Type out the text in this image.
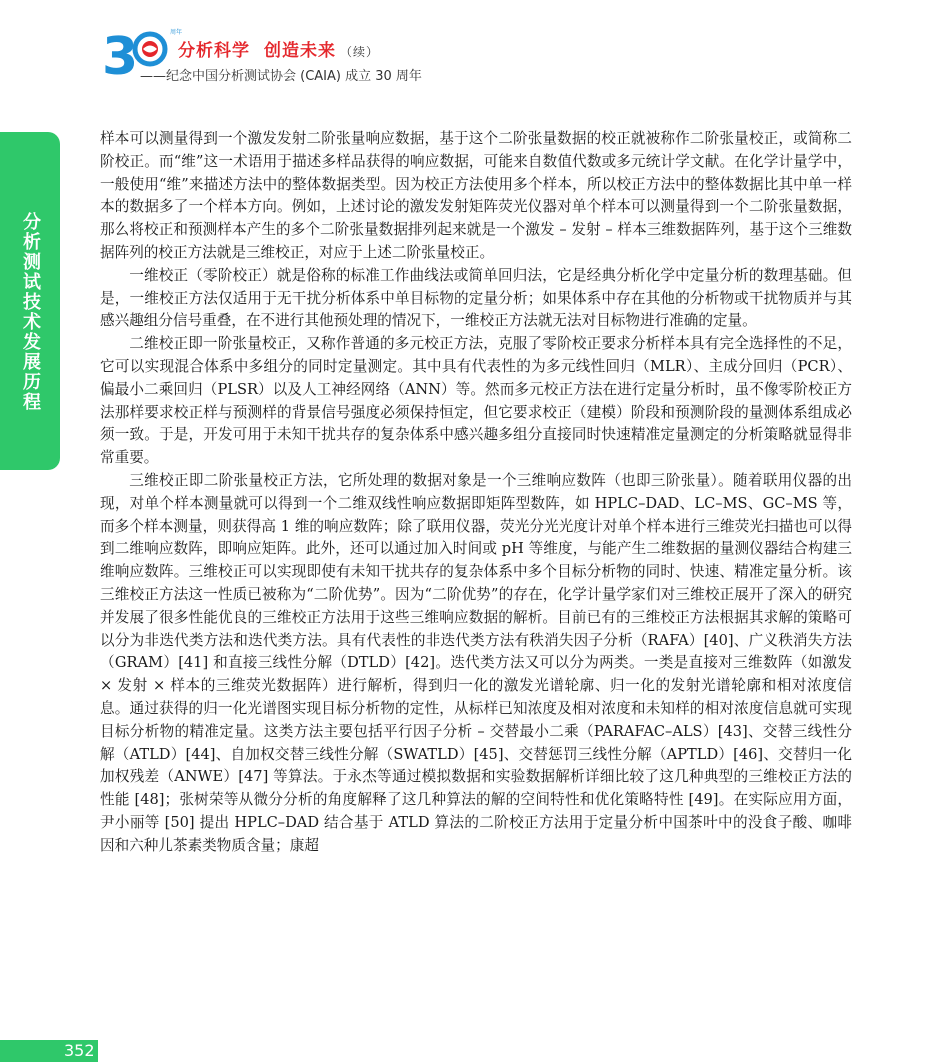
3	周年
分析科学 创造未来 （续）
——纪念中国分析测试协会 (CAIA) 成立 30 周年
分析测试技术发展历程

样本可以测量得到一个激发发射二阶张量响应数据，基于这个二阶张量数据的校正就被称作二阶张量校正，或简称二阶校正。而“维”这一术语用于描述多样品获得的响应数据，可能来自数值代数或多元统计学文献。在化学计量学中，一般使用“维”来描述方法中的整体数据类型。因为校正方法使用多个样本，所以校正方法中的整体数据比其中单一样本的数据多了一个样本方向。例如，上述讨论的激发发射矩阵荧光仪器对单个样本可以测量得到一个二阶张量数据，那么将校正和预测样本产生的多个二阶张量数据排列起来就是一个激发 – 发射 – 样本三维数据阵列，基于这个三维数据阵列的校正方法就是三维校正，对应于上述二阶张量校正。

一维校正（零阶校正）就是俗称的标准工作曲线法或简单回归法，它是经典分析化学中定量分析的数理基础。但是，一维校正方法仅适用于无干扰分析体系中单目标物的定量分析；如果体系中存在其他的分析物或干扰物质并与其感兴趣组分信号重叠，在不进行其他预处理的情况下，一维校正方法就无法对目标物进行准确的定量。

二维校正即一阶张量校正，又称作普通的多元校正方法，克服了零阶校正要求分析样本具有完全选择性的不足，它可以实现混合体系中多组分的同时定量测定。其中具有代表性的为多元线性回归（MLR）、主成分回归（PCR）、偏最小二乘回归（PLSR）以及人工神经网络（ANN）等。然而多元校正方法在进行定量分析时，虽不像零阶校正方法那样要求校正样与预测样的背景信号强度必须保持恒定，但它要求校正（建模）阶段和预测阶段的量测体系组成必须一致。于是，开发可用于未知干扰共存的复杂体系中感兴趣多组分直接同时快速精准定量测定的分析策略就显得非常重要。

三维校正即二阶张量校正方法，它所处理的数据对象是一个三维响应数阵（也即三阶张量）。随着联用仪器的出现，对单个样本测量就可以得到一个二维双线性响应数据即矩阵型数阵，如 HPLC–DAD、LC–MS、GC–MS 等，而多个样本测量，则获得高 1 维的响应数阵；除了联用仪器，荧光分光光度计对单个样本进行三维荧光扫描也可以得到二维响应数阵，即响应矩阵。此外，还可以通过加入时间或 pH 等维度，与能产生二维数据的量测仪器结合构建三维响应数阵。三维校正可以实现即使有未知干扰共存的复杂体系中多个目标分析物的同时、快速、精准定量分析。该三维校正方法这一性质已被称为“二阶优势”。因为“二阶优势”的存在，化学计量学家们对三维校正展开了深入的研究并发展了很多性能优良的三维校正方法用于这些三维响应数据的解析。目前已有的三维校正方法根据其求解的策略可以分为非迭代类方法和迭代类方法。具有代表性的非迭代类方法有秩消失因子分析（RAFA）[40]、广义秩消失方法（GRAM）[41] 和直接三线性分解（DTLD）[42]。迭代类方法又可以分为两类。一类是直接对三维数阵（如激发 × 发射 × 样本的三维荧光数据阵）进行解析，得到归一化的激发光谱轮廓、归一化的发射光谱轮廓和相对浓度信息。通过获得的归一化光谱图实现目标分析物的定性，从标样已知浓度及相对浓度和未知样的相对浓度信息就可实现目标分析物的精准定量。这类方法主要包括平行因子分析 – 交替最小二乘（PARAFAC–ALS）[43]、交替三线性分解（ATLD）[44]、自加权交替三线性分解（SWATLD）[45]、交替惩罚三线性分解（APTLD）[46]、交替归一化加权残差（ANWE）[47] 等算法。于永杰等通过模拟数据和实验数据解析详细比较了这几种典型的三维校正方法的性能 [48]；张树荣等从微分分析的角度解释了这几种算法的解的空间特性和优化策略特性 [49]。在实际应用方面，尹小丽等 [50] 提出 HPLC–DAD 结合基于 ATLD 算法的二阶校正方法用于定量分析中国茶叶中的没食子酸、咖啡因和六种儿茶素类物质含量；康超

352
